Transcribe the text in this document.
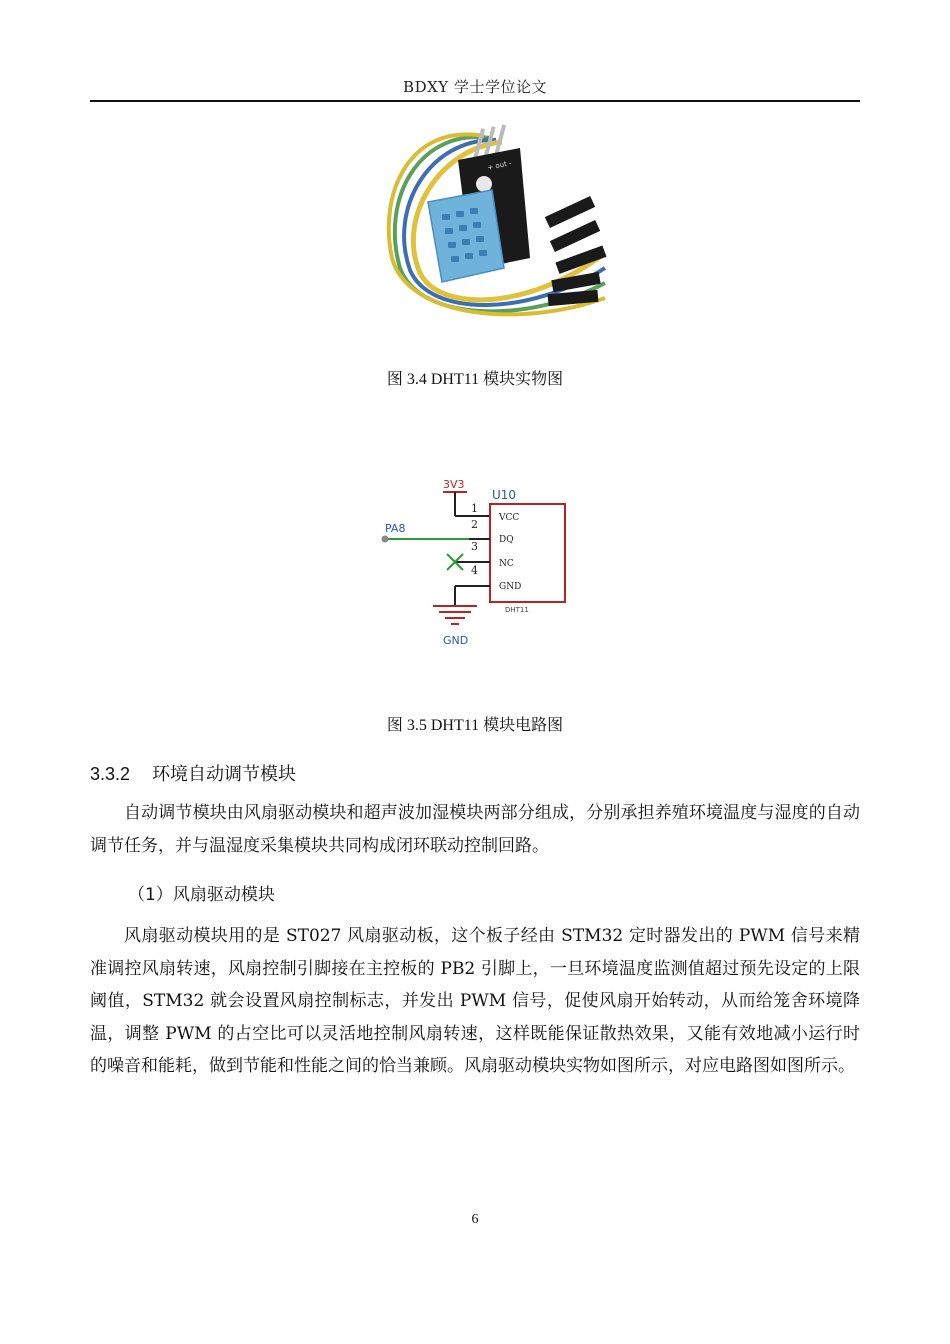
BDXY 学士学位论文
+ out -
图 3.4 DHT11 模块实物图
3V3
U10
1
2
3
4
VCC
DQ
NC
GND
DHT11
PA8
GND
图 3.5 DHT11 模块电路图
3.3.2 环境自动调节模块
自动调节模块由风扇驱动模块和超声波加湿模块两部分组成，分别承担养殖环境温度与湿度的自动调节任务，并与温湿度采集模块共同构成闭环联动控制回路。
（1）风扇驱动模块
风扇驱动模块用的是 ST027 风扇驱动板，这个板子经由 STM32 定时器发出的 PWM 信号来精准调控风扇转速，风扇控制引脚接在主控板的 PB2 引脚上，一旦环境温度监测值超过预先设定的上限阈值，STM32 就会设置风扇控制标志，并发出 PWM 信号，促使风扇开始转动，从而给笼舍环境降温，调整 PWM 的占空比可以灵活地控制风扇转速，这样既能保证散热效果，又能有效地减小运行时的噪音和能耗，做到节能和性能之间的恰当兼顾。风扇驱动模块实物如图所示，对应电路图如图所示。
6
